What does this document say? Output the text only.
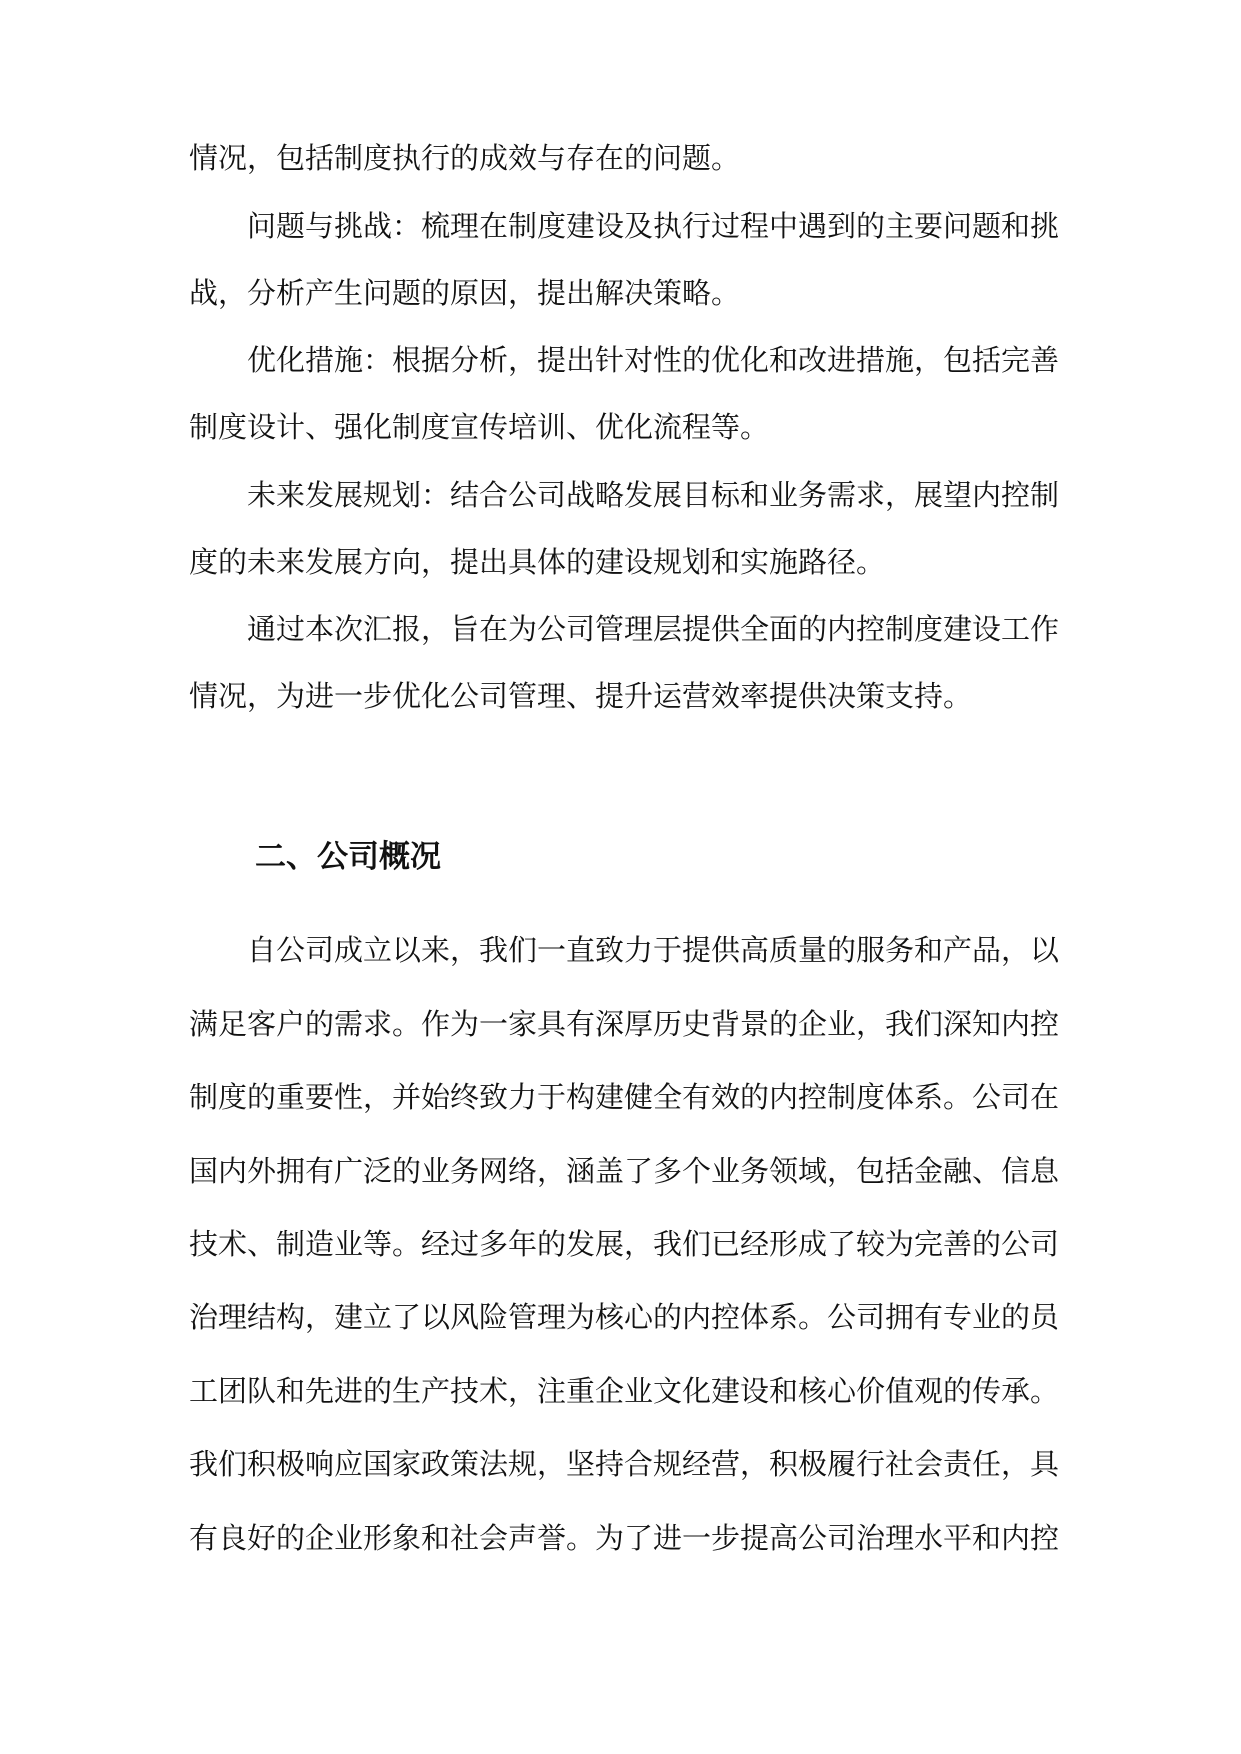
情况，包括制度执行的成效与存在的问题。
问题与挑战：梳理在制度建设及执行过程中遇到的主要问题和挑
战，分析产生问题的原因，提出解决策略。
优化措施：根据分析，提出针对性的优化和改进措施，包括完善
制度设计、强化制度宣传培训、优化流程等。
未来发展规划：结合公司战略发展目标和业务需求，展望内控制
度的未来发展方向，提出具体的建设规划和实施路径。
通过本次汇报，旨在为公司管理层提供全面的内控制度建设工作
情况，为进一步优化公司管理、提升运营效率提供决策支持。
二、公司概况
自公司成立以来，我们一直致力于提供高质量的服务和产品，以
满足客户的需求。作为一家具有深厚历史背景的企业，我们深知内控
制度的重要性，并始终致力于构建健全有效的内控制度体系。公司在
国内外拥有广泛的业务网络，涵盖了多个业务领域，包括金融、信息
技术、制造业等。经过多年的发展，我们已经形成了较为完善的公司
治理结构，建立了以风险管理为核心的内控体系。公司拥有专业的员
工团队和先进的生产技术，注重企业文化建设和核心价值观的传承。
我们积极响应国家政策法规，坚持合规经营，积极履行社会责任，具
有良好的企业形象和社会声誉。为了进一步提高公司治理水平和内控
